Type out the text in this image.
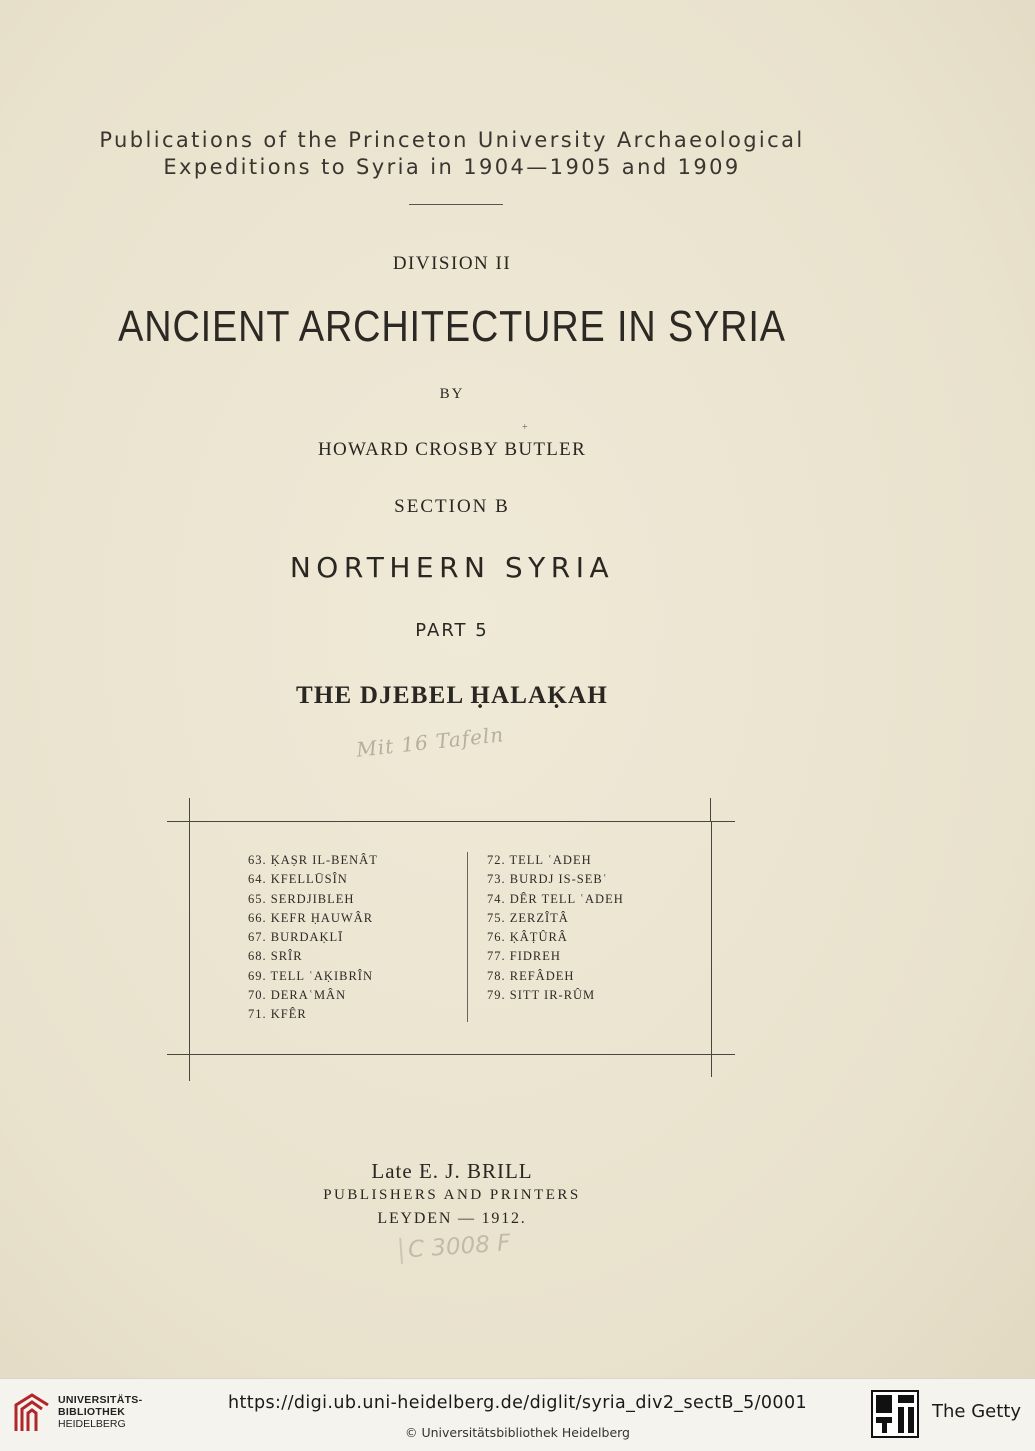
Publications of the Princeton University Archaeological
Expeditions to Syria in 1904—1905 and 1909
DIVISION II
ANCIENT ARCHITECTURE IN SYRIA
BY
+
HOWARD CROSBY BUTLER
SECTION B
NORTHERN SYRIA
PART 5
THE DJEBEL ḤALAḲAH
Mit 16 Tafeln
63. ḲAṢR IL-BENÂT
64. KFELLŪSÎN
65. SERDJIBLEH
66. KEFR ḤAUWÂR
67. BURDAḲLĪ
68. SRÎR
69. TELL ʿAḲIBRÎN
70. DERAʿMÂN
71. KFÊR
72. TELL ʿADEH
73. BURDJ IS-SEBʿ
74. DÊR TELL ʿADEH
75. ZERZÎTÂ
76. ḲÂṬÛRÂ
77. FIDREH
78. REFÂDEH
79. SITT IR-RÛM
Late E. J. BRILL
PUBLISHERS AND PRINTERS
LEYDEN — 1912.
C 3008 F
UNIVERSITÄTS-
BIBLIOTHEK
HEIDELBERG
https://digi.ub.uni-heidelberg.de/diglit/syria_div2_sectB_5/0001
© Universitätsbibliothek Heidelberg
The Getty
